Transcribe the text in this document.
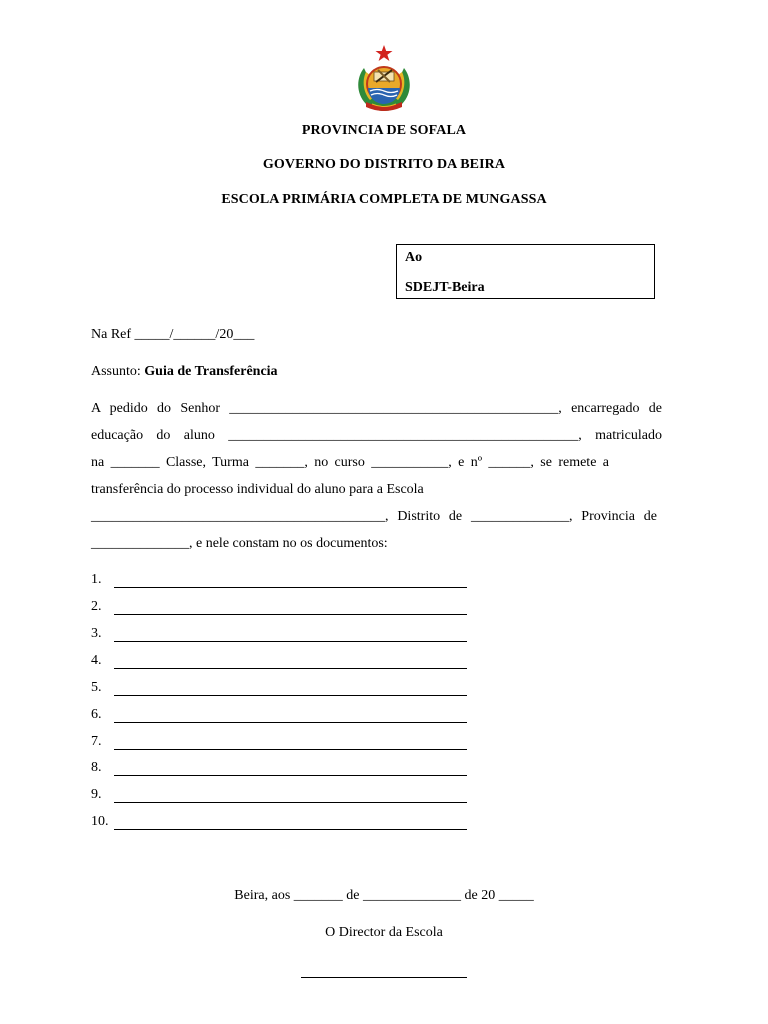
PROVINCIA DE SOFALA
GOVERNO DO DISTRITO DA BEIRA
ESCOLA PRIMÁRIA COMPLETA DE MUNGASSA
Ao
SDEJT-Beira
Na Ref _____/______/20___
Assunto: Guia de Transferência
A pedido do Senhor _______________________________________________, encarregado de
educação do aluno __________________________________________________, matriculado
na _______ Classe, Turma _______, no curso ___________, e nº ______, se remete a
transferência do processo individual do aluno para a Escola
__________________________________________, Distrito de ______________, Provincia de
______________, e nele constam no os documentos:
1.
2.
3.
4.
5.
6.
7.
8.
9.
10.
Beira, aos _______ de ______________ de 20 _____
O Director da Escola
